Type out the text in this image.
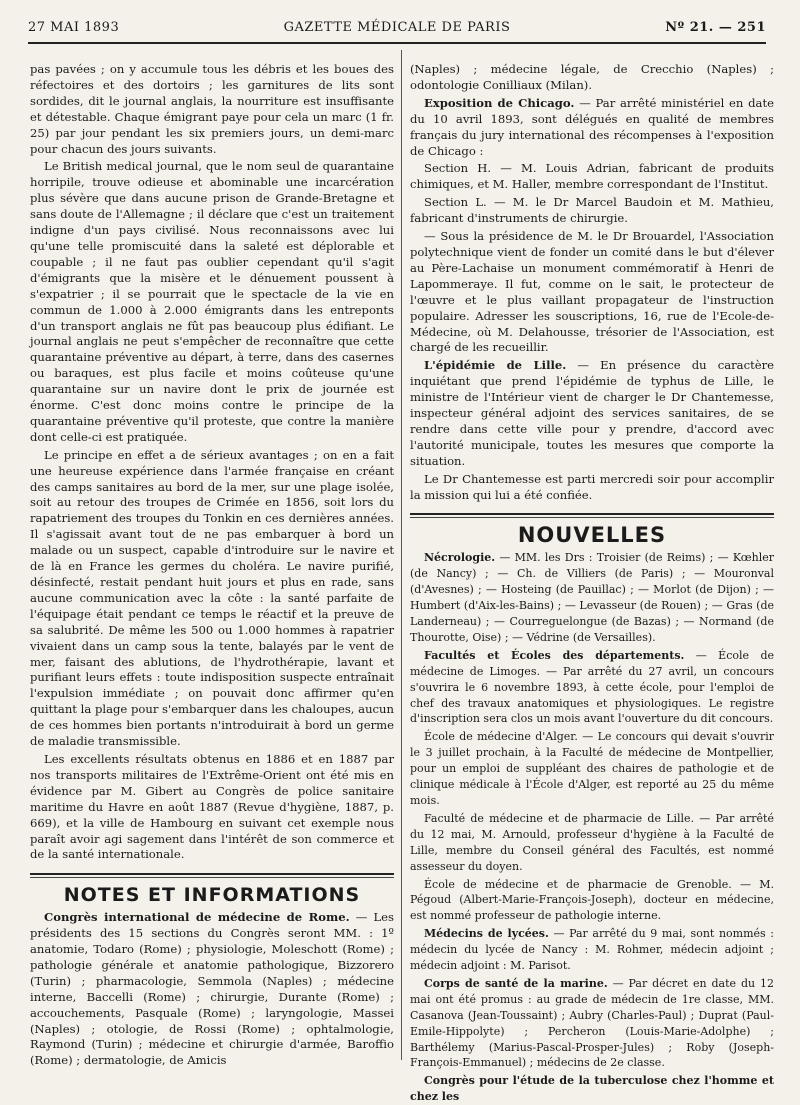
27 MAI 1893	GAZETTE MÉDICALE DE PARIS	Nº 21. — 251

pas pavées ; on y accumule tous les débris et les boues des réfectoires et des dortoirs ; les garnitures de lits sont sordides, dit le journal anglais, la nourriture est insuffisante et détestable. Chaque émigrant paye pour cela un marc (1 fr. 25) par jour pendant les six premiers jours, un demi-marc pour chacun des jours suivants.

Le British medical journal, que le nom seul de quarantaine horripile, trouve odieuse et abominable une incarcération plus sévère que dans aucune prison de Grande-Bretagne et sans doute de l'Allemagne ; il déclare que c'est un traitement indigne d'un pays civilisé. Nous reconnaissons avec lui qu'une telle promiscuité dans la saleté est déplorable et coupable ; il ne faut pas oublier cependant qu'il s'agit d'émigrants que la misère et le dénuement poussent à s'expatrier ; il se pourrait que le spectacle de la vie en commun de 1.000 à 2.000 émigrants dans les entreponts d'un transport anglais ne fût pas beaucoup plus édifiant. Le journal anglais ne peut s'empêcher de reconnaître que cette quarantaine préventive au départ, à terre, dans des casernes ou baraques, est plus facile et moins coûteuse qu'une quarantaine sur un navire dont le prix de journée est énorme. C'est donc moins contre le principe de la quarantaine préventive qu'il proteste, que contre la manière dont celle-ci est pratiquée.

Le principe en effet a de sérieux avantages ; on en a fait une heureuse expérience dans l'armée française en créant des camps sanitaires au bord de la mer, sur une plage isolée, soit au retour des troupes de Crimée en 1856, soit lors du rapatriement des troupes du Tonkin en ces dernières années. Il s'agissait avant tout de ne pas embarquer à bord un malade ou un suspect, capable d'introduire sur le navire et de là en France les germes du choléra. Le navire purifié, désinfecté, restait pendant huit jours et plus en rade, sans aucune communication avec la côte : la santé parfaite de l'équipage était pendant ce temps le réactif et la preuve de sa salubrité. De même les 500 ou 1.000 hommes à rapatrier vivaient dans un camp sous la tente, balayés par le vent de mer, faisant des ablutions, de l'hydrothérapie, lavant et purifiant leurs effets : toute indisposition suspecte entraînait l'expulsion immédiate ; on pouvait donc affirmer qu'en quittant la plage pour s'embarquer dans les chaloupes, aucun de ces hommes bien portants n'introduirait à bord un germe de maladie transmissible.

Les excellents résultats obtenus en 1886 et en 1887 par nos transports militaires de l'Extrême-Orient ont été mis en évidence par M. Gibert au Congrès de police sanitaire maritime du Havre en août 1887 (Revue d'hygiène, 1887, p. 669), et la ville de Hambourg en suivant cet exemple nous paraît avoir agi sagement dans l'intérêt de son commerce et de la santé internationale.

NOTES ET INFORMATIONS

Congrès international de médecine de Rome. — Les présidents des 15 sections du Congrès seront MM. : 1º anatomie, Todaro (Rome) ; physiologie, Moleschott (Rome) ; pathologie générale et anatomie pathologique, Bizzorero (Turin) ; pharmacologie, Semmola (Naples) ; médecine interne, Baccelli (Rome) ; chirurgie, Durante (Rome) ; accouchements, Pasquale (Rome) ; laryngologie, Massei (Naples) ; otologie, de Rossi (Rome) ; ophtalmologie, Raymond (Turin) ; médecine et chirurgie d'armée, Baroffio (Rome) ; dermatologie, de Amicis

(Naples) ; médecine légale, de Crecchio (Naples) ; odontologie Conilliaux (Milan).

Exposition de Chicago. — Par arrêté ministériel en date du 10 avril 1893, sont délégués en qualité de membres français du jury international des récompenses à l'exposition de Chicago :

Section H. — M. Louis Adrian, fabricant de produits chimiques, et M. Haller, membre correspondant de l'Institut.

Section L. — M. le Dr Marcel Baudoin et M. Mathieu, fabricant d'instruments de chirurgie.

— Sous la présidence de M. le Dr Brouardel, l'Association polytechnique vient de fonder un comité dans le but d'élever au Père-Lachaise un monument commémoratif à Henri de Lapommeraye. Il fut, comme on le sait, le protecteur de l'œuvre et le plus vaillant propagateur de l'instruction populaire. Adresser les souscriptions, 16, rue de l'Ecole-de-Médecine, où M. Delahousse, trésorier de l'Association, est chargé de les recueillir.

L'épidémie de Lille. — En présence du caractère inquiétant que prend l'épidémie de typhus de Lille, le ministre de l'Intérieur vient de charger le Dr Chantemesse, inspecteur général adjoint des services sanitaires, de se rendre dans cette ville pour y prendre, d'accord avec l'autorité municipale, toutes les mesures que comporte la situation.

Le Dr Chantemesse est parti mercredi soir pour accomplir la mission qui lui a été confiée.

NOUVELLES

Nécrologie. — MM. les Drs : Troisier (de Reims) ; — Kœhler (de Nancy) ; — Ch. de Villiers (de Paris) ; — Mouronval (d'Avesnes) ; — Hosteing (de Pauillac) ; — Morlot (de Dijon) ; — Humbert (d'Aix-les-Bains) ; — Levasseur (de Rouen) ; — Gras (de Landerneau) ; — Courreguelongue (de Bazas) ; — Normand (de Thourotte, Oise) ; — Védrine (de Versailles).

Facultés et Écoles des départements. — École de médecine de Limoges. — Par arrêté du 27 avril, un concours s'ouvrira le 6 novembre 1893, à cette école, pour l'emploi de chef des travaux anatomiques et physiologiques. Le registre d'inscription sera clos un mois avant l'ouverture du dit concours.

École de médecine d'Alger. — Le concours qui devait s'ouvrir le 3 juillet prochain, à la Faculté de médecine de Montpellier, pour un emploi de suppléant des chaires de pathologie et de clinique médicale à l'École d'Alger, est reporté au 25 du même mois.

Faculté de médecine et de pharmacie de Lille. — Par arrêté du 12 mai, M. Arnould, professeur d'hygiène à la Faculté de Lille, membre du Conseil général des Facultés, est nommé assesseur du doyen.

École de médecine et de pharmacie de Grenoble. — M. Pégoud (Albert-Marie-François-Joseph), docteur en médecine, est nommé professeur de pathologie interne.

Médecins de lycées. — Par arrêté du 9 mai, sont nommés : médecin du lycée de Nancy : M. Rohmer, médecin adjoint ; médecin adjoint : M. Parisot.

Corps de santé de la marine. — Par décret en date du 12 mai ont été promus : au grade de médecin de 1re classe, MM. Casanova (Jean-Toussaint) ; Aubry (Charles-Paul) ; Duprat (Paul-Emile-Hippolyte) ; Percheron (Louis-Marie-Adolphe) ; Barthélemy (Marius-Pascal-Prosper-Jules) ; Roby (Joseph-François-Emmanuel) ; médecins de 2e classe.

Congrès pour l'étude de la tuberculose chez l'homme et chez les
